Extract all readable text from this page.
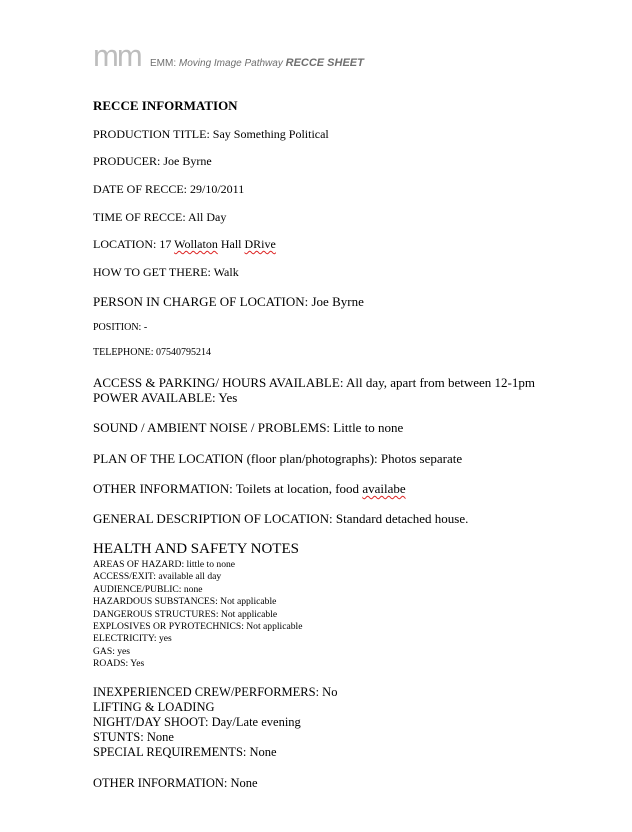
mm EMM: Moving Image Pathway RECCE SHEET
RECCE INFORMATION
PRODUCTION TITLE: Say Something Political
PRODUCER: Joe Byrne
DATE OF RECCE: 29/10/2011
TIME OF RECCE: All Day
LOCATION: 17 Wollaton Hall DRive
HOW TO GET THERE: Walk
PERSON IN CHARGE OF LOCATION: Joe Byrne
POSITION: -
TELEPHONE: 07540795214
ACCESS & PARKING/ HOURS AVAILABLE: All day, apart from between 12-1pm
POWER AVAILABLE: Yes
SOUND / AMBIENT NOISE / PROBLEMS: Little to none
PLAN OF THE LOCATION (floor plan/photographs): Photos separate
OTHER INFORMATION: Toilets at location, food availabe
GENERAL DESCRIPTION OF LOCATION: Standard detached house.
HEALTH AND SAFETY NOTES
AREAS OF HAZARD: little to none
ACCESS/EXIT: available all day
AUDIENCE/PUBLIC: none
HAZARDOUS SUBSTANCES: Not applicable
DANGEROUS STRUCTURES: Not applicable
EXPLOSIVES OR PYROTECHNICS: Not applicable
ELECTRICITY: yes
GAS: yes
ROADS: Yes
INEXPERIENCED CREW/PERFORMERS: No
LIFTING & LOADING
NIGHT/DAY SHOOT: Day/Late evening
STUNTS: None
SPECIAL REQUIREMENTS: None
OTHER INFORMATION: None
